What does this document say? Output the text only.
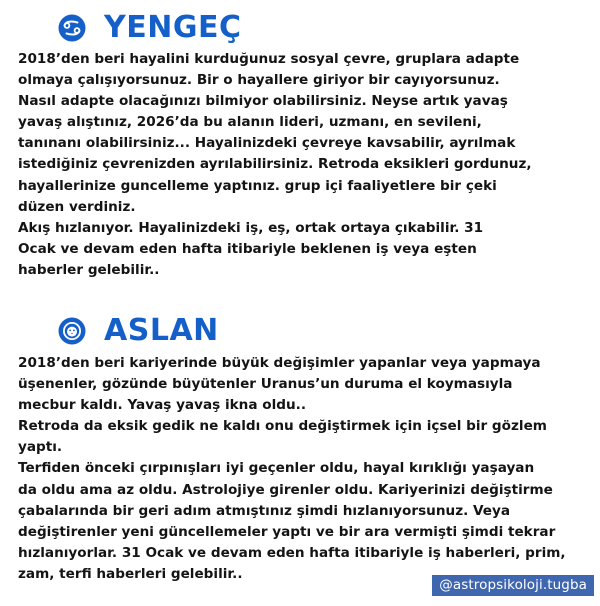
YENGEÇ
2018’den beri hayalini kurduğunuz sosyal çevre, gruplara adapte
olmaya çalışıyorsunuz. Bir o hayallere giriyor bir cayıyorsunuz.
Nasıl adapte olacağınızı bilmiyor olabilirsiniz. Neyse artık yavaş
yavaş alıştınız, 2026’da bu alanın lideri, uzmanı, en sevileni,
tanınanı olabilirsiniz... Hayalinizdeki çevreye kavsabilir, ayrılmak
istediğiniz çevrenizden ayrılabilirsiniz. Retroda eksikleri gordunuz,
hayallerinize guncelleme yaptınız. grup içi faaliyetlere bir çeki
düzen verdiniz.
Akış hızlanıyor. Hayalinizdeki iş, eş, ortak ortaya çıkabilir. 31
Ocak ve devam eden hafta itibariyle beklenen iş veya eşten
haberler gelebilir..
ASLAN
2018’den beri kariyerinde büyük değişimler yapanlar veya yapmaya
üşenenler, gözünde büyütenler Uranus’un duruma el koymasıyla
mecbur kaldı. Yavaş yavaş ikna oldu..
Retroda da eksik gedik ne kaldı onu değiştirmek için içsel bir gözlem
yaptı.
Terfiden önceki çırpınışları iyi geçenler oldu, hayal kırıklığı yaşayan
da oldu ama az oldu. Astrolojiye girenler oldu. Kariyerinizi değiştirme
çabalarında bir geri adım atmıştınız şimdi hızlanıyorsunuz. Veya
değiştirenler yeni güncellemeler yaptı ve bir ara vermişti şimdi tekrar
hızlanıyorlar. 31 Ocak ve devam eden hafta itibariyle iş haberleri, prim,
zam, terfi haberleri gelebilir..
@astropsikoloji.tugba
